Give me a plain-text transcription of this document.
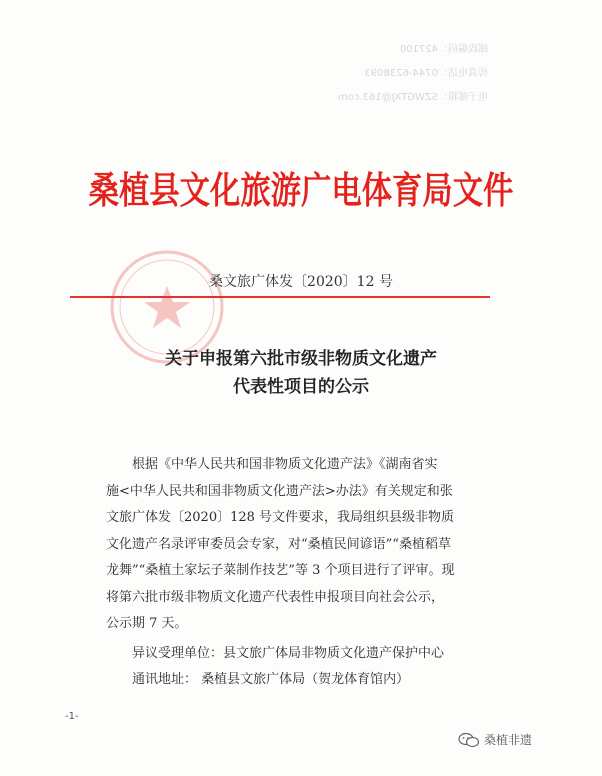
邮政编码：427100
传真电话：0744-6238093
电子邮箱：SZWGTXJ@163.com
桑植县文化旅游广电体育局文件
桑文旅广体发〔2020〕12 号
关于申报第六批市级非物质文化遗产
代表性项目的公示
根据《中华人民共和国非物质文化遗产法》《湖南省实
施<中华人民共和国非物质文化遗产法>办法》有关规定和张
文旅广体发〔2020〕128 号文件要求，我局组织县级非物质
文化遗产名录评审委员会专家，对“桑植民间谚语”“桑植稻草
龙舞”“桑植土家坛子菜制作技艺”等 3 个项目进行了评审。现
将第六批市级非物质文化遗产代表性申报项目向社会公示，
公示期 7 天。
异议受理单位：县文旅广体局非物质文化遗产保护中心
通讯地址： 桑植县文旅广体局（贺龙体育馆内）
-1-
桑植非遗
